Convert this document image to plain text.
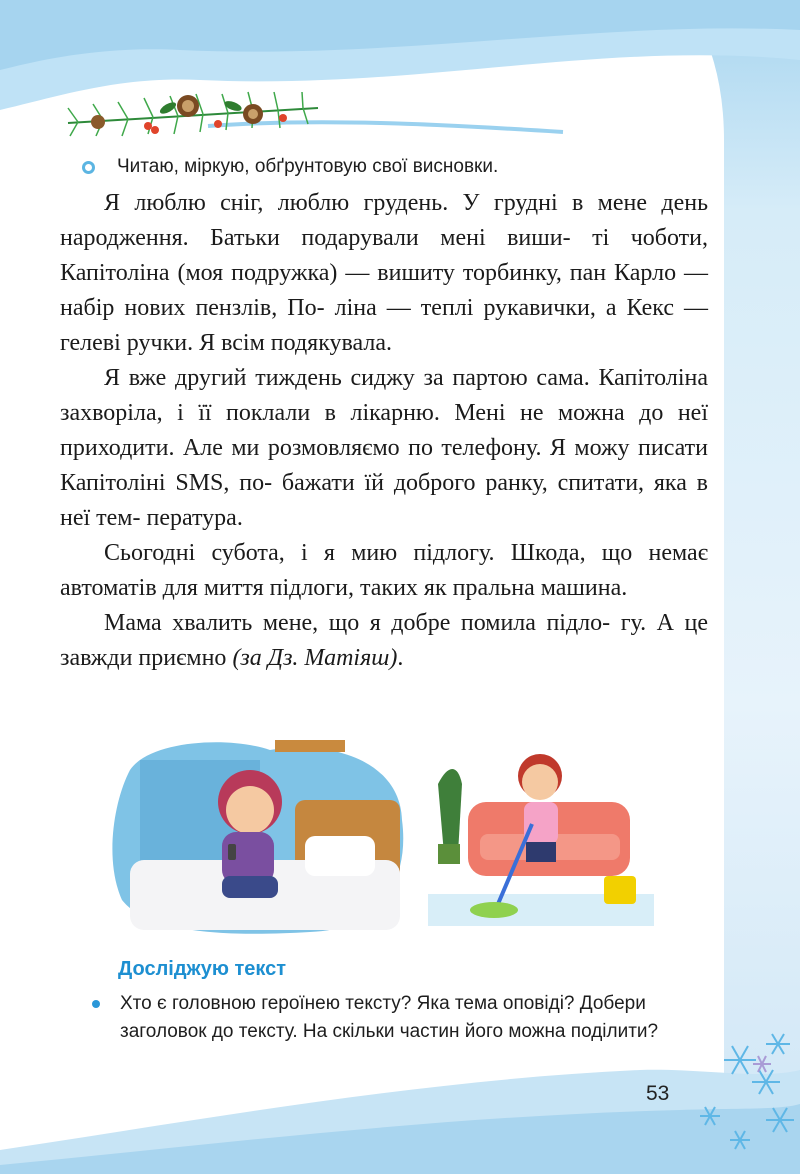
Читаю, міркую, обґрунтовую свої висновки.

Я люблю сніг, люблю грудень. У грудні в мене день народження. Батьки подарували мені виши- ті чоботи, Капітоліна (моя подружка) — вишиту торбинку, пан Карло — набір нових пензлів, По- ліна — теплі рукавички, а Кекс — гелеві ручки. Я всім подякувала.

Я вже другий тиждень сиджу за партою сама. Капітоліна захворіла, і її поклали в лікарню. Мені не можна до неї приходити. Але ми розмовляємо по телефону. Я можу писати Капітоліні SMS, по- бажати їй доброго ранку, спитати, яка в неї тем- пература.

Сьогодні субота, і я мию підлогу. Шкода, що немає автоматів для миття підлоги, таких як пральна машина.

Мама хвалить мене, що я добре помила підло- гу. А це завжди приємно (за Дз. Матіяш).

Досліджую текст
Хто є головною героїнею тексту? Яка тема оповіді? Добери заголовок до тексту. На скільки частин його можна поділити?
53
